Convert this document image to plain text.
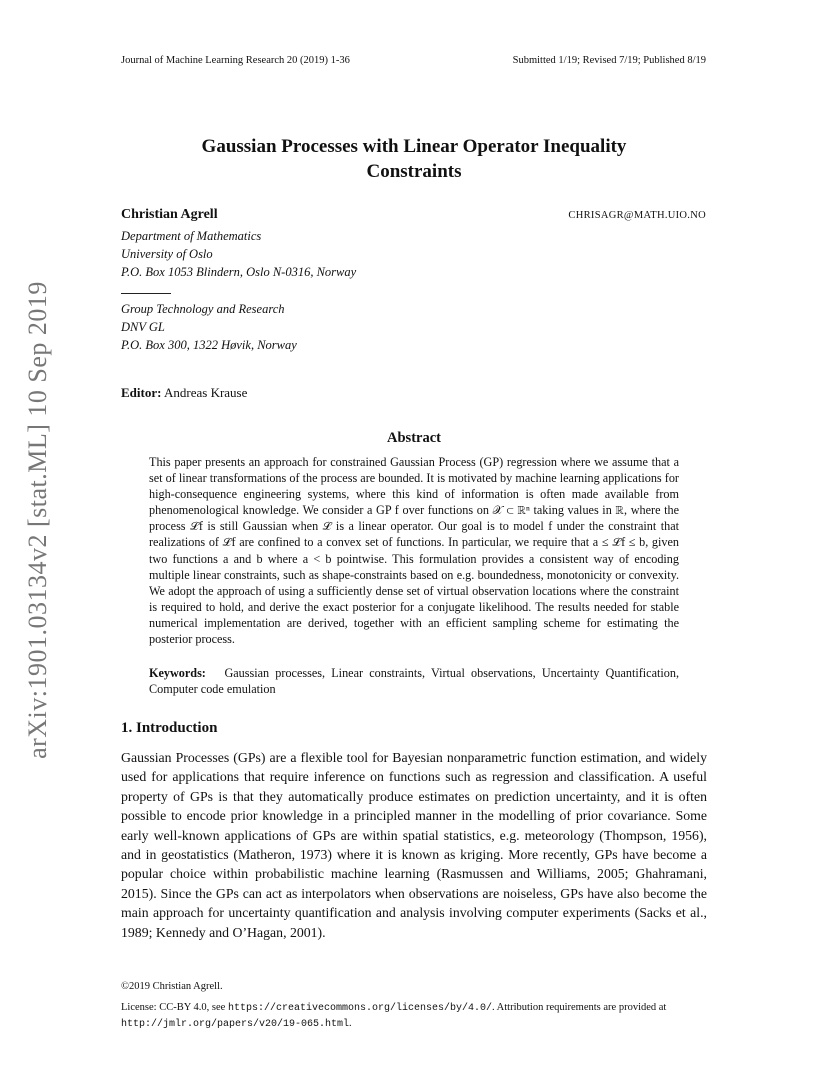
Journal of Machine Learning Research 20 (2019) 1-36	Submitted 1/19; Revised 7/19; Published 8/19
arXiv:1901.03134v2 [stat.ML] 10 Sep 2019
Gaussian Processes with Linear Operator Inequality
Constraints
Christian Agrell	CHRISAGR@MATH.UIO.NO
Department of Mathematics
University of Oslo
P.O. Box 1053 Blindern, Oslo N-0316, Norway
Group Technology and Research
DNV GL
P.O. Box 300, 1322 Høvik, Norway
Editor: Andreas Krause
Abstract

This paper presents an approach for constrained Gaussian Process (GP) regression where we assume that a set of linear transformations of the process are bounded. It is motivated by machine learning applications for high-consequence engineering systems, where this kind of information is often made available from phenomenological knowledge. We consider a GP f over functions on 𝒳 ⊂ ℝⁿ taking values in ℝ, where the process ℒf is still Gaussian when ℒ is a linear operator. Our goal is to model f under the constraint that realizations of ℒf are confined to a convex set of functions. In particular, we require that a ≤ ℒf ≤ b, given two functions a and b where a < b pointwise. This formulation provides a consistent way of encoding multiple linear constraints, such as shape-constraints based on e.g. boundedness, monotonicity or convexity. We adopt the approach of using a sufficiently dense set of virtual observation locations where the constraint is required to hold, and derive the exact posterior for a conjugate likelihood. The results needed for stable numerical implementation are derived, together with an efficient sampling scheme for estimating the posterior process.

Keywords: Gaussian processes, Linear constraints, Virtual observations, Uncertainty Quantification, Computer code emulation

1. Introduction

Gaussian Processes (GPs) are a flexible tool for Bayesian nonparametric function estimation, and widely used for applications that require inference on functions such as regression and classification. A useful property of GPs is that they automatically produce estimates on prediction uncertainty, and it is often possible to encode prior knowledge in a principled manner in the modelling of prior covariance. Some early well-known applications of GPs are within spatial statistics, e.g. meteorology (Thompson, 1956), and in geostatistics (Matheron, 1973) where it is known as kriging. More recently, GPs have become a popular choice within probabilistic machine learning (Rasmussen and Williams, 2005; Ghahramani, 2015). Since the GPs can act as interpolators when observations are noiseless, GPs have also become the main approach for uncertainty quantification and analysis involving computer experiments (Sacks et al., 1989; Kennedy and O’Hagan, 2001).

©2019 Christian Agrell.
License: CC-BY 4.0, see https://creativecommons.org/licenses/by/4.0/. Attribution requirements are provided at http://jmlr.org/papers/v20/19-065.html.
